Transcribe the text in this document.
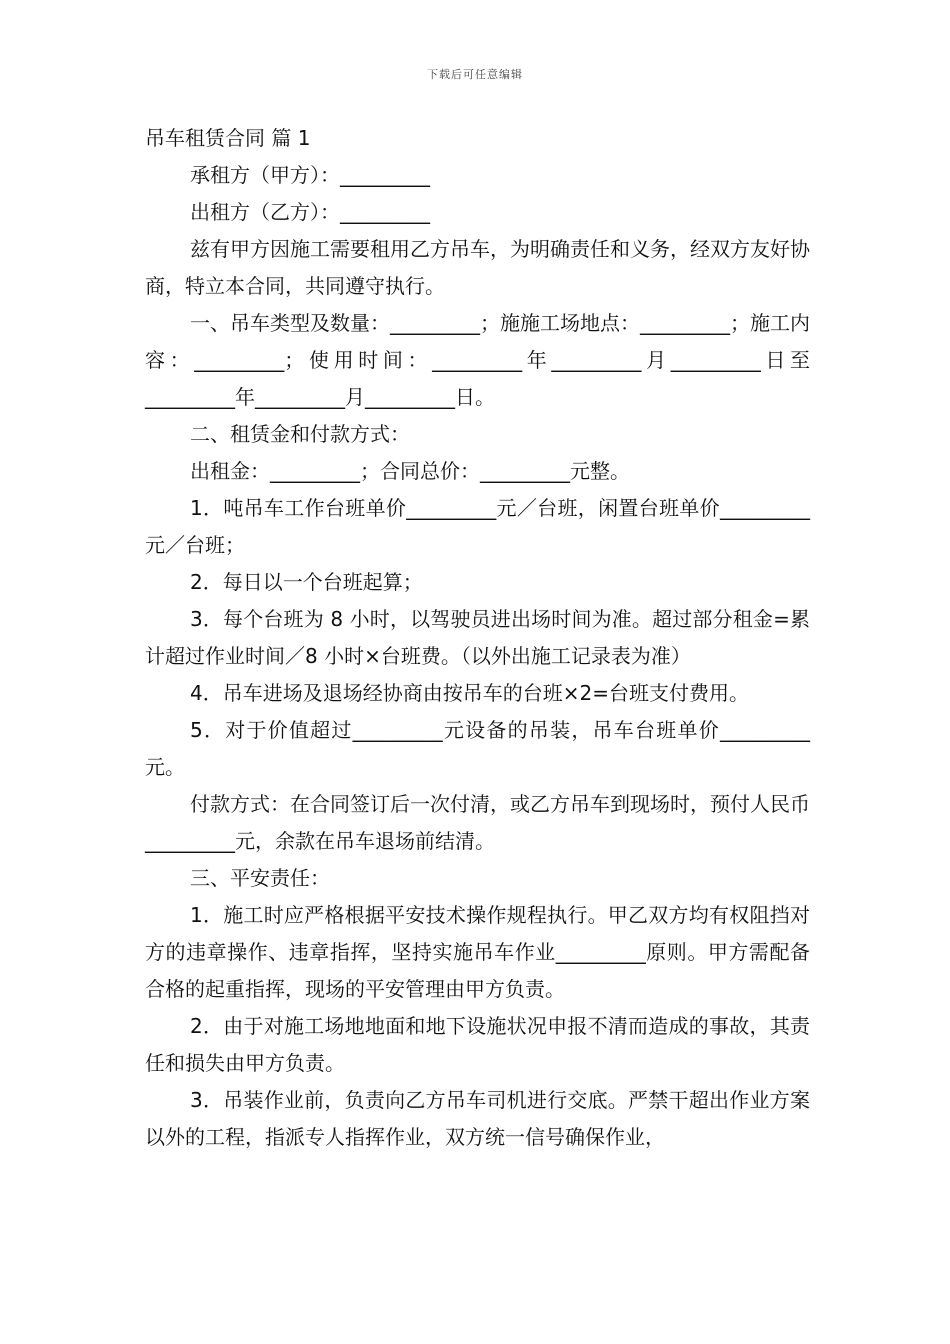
下载后可任意编辑

吊车租赁合同 篇 1

承租方（甲方）：_________

出租方（乙方）：_________

兹有甲方因施工需要租用乙方吊车，为明确责任和义务，经双方友好协商，特立本合同，共同遵守执行。

一、吊车类型及数量：_________；施施工场地点：_________；施工内容：_________；使用时间：_________年_________月_________日至_________年_________月_________日。

二、租赁金和付款方式：

出租金：_________；合同总价：_________元整。

1．吨吊车工作台班单价_________元／台班，闲置台班单价_________元／台班；

2．每日以一个台班起算；

3．每个台班为 8 小时，以驾驶员进出场时间为准。超过部分租金=累计超过作业时间／8 小时×台班费。（以外出施工记录表为准）

4．吊车进场及退场经协商由按吊车的台班×2=台班支付费用。

5．对于价值超过_________元设备的吊装，吊车台班单价_________元。

付款方式：在合同签订后一次付清，或乙方吊车到现场时，预付人民币_________元，余款在吊车退场前结清。

三、平安责任：

1．施工时应严格根据平安技术操作规程执行。甲乙双方均有权阻挡对方的违章操作、违章指挥，坚持实施吊车作业_________原则。甲方需配备合格的起重指挥，现场的平安管理由甲方负责。

2．由于对施工场地地面和地下设施状况申报不清而造成的事故，其责任和损失由甲方负责。

3．吊装作业前，负责向乙方吊车司机进行交底。严禁干超出作业方案以外的工程，指派专人指挥作业，双方统一信号确保作业，
